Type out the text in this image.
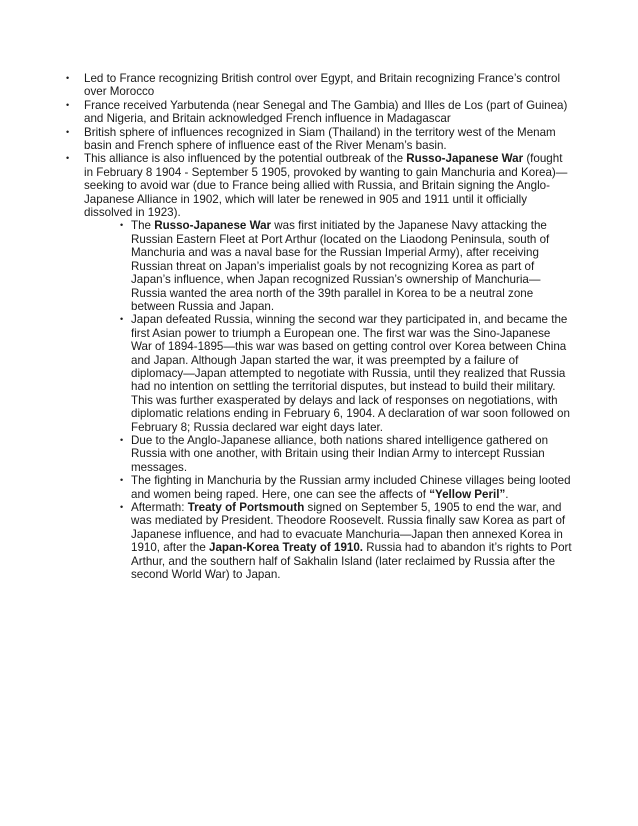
• Led to France recognizing British control over Egypt, and Britain recognizing France’s control over Morocco
• France received Yarbutenda (near Senegal and The Gambia) and Illes de Los (part of Guinea) and Nigeria, and Britain acknowledged French influence in Madagascar
• British sphere of influences recognized in Siam (Thailand) in the territory west of the Menam basin and French sphere of influence east of the River Menam’s basin.
• This alliance is also influenced by the potential outbreak of the Russo-Japanese War (fought in February 8 1904 - September 5 1905, provoked by wanting to gain Manchuria and Korea)—seeking to avoid war (due to France being allied with Russia, and Britain signing the Anglo-Japanese Alliance in 1902, which will later be renewed in 905 and 1911 until it officially dissolved in 1923).
• The Russo-Japanese War was first initiated by the Japanese Navy attacking the Russian Eastern Fleet at Port Arthur (located on the Liaodong Peninsula, south of Manchuria and was a naval base for the Russian Imperial Army), after receiving Russian threat on Japan’s imperialist goals by not recognizing Korea as part of Japan’s influence, when Japan recognized Russian’s ownership of Manchuria—Russia wanted the area north of the 39th parallel in Korea to be a neutral zone between Russia and Japan.
• Japan defeated Russia, winning the second war they participated in, and became the first Asian power to triumph a European one. The first war was the Sino-Japanese War of 1894-1895—this war was based on getting control over Korea between China and Japan. Although Japan started the war, it was preempted by a failure of diplomacy—Japan attempted to negotiate with Russia, until they realized that Russia had no intention on settling the territorial disputes, but instead to build their military. This was further exasperated by delays and lack of responses on negotiations, with diplomatic relations ending in February 6, 1904. A declaration of war soon followed on February 8; Russia declared war eight days later.
• Due to the Anglo-Japanese alliance, both nations shared intelligence gathered on Russia with one another, with Britain using their Indian Army to intercept Russian messages.
• The fighting in Manchuria by the Russian army included Chinese villages being looted and women being raped. Here, one can see the affects of “Yellow Peril”.
• Aftermath: Treaty of Portsmouth signed on September 5, 1905 to end the war, and was mediated by President. Theodore Roosevelt. Russia finally saw Korea as part of Japanese influence, and had to evacuate Manchuria—Japan then annexed Korea in 1910, after the Japan-Korea Treaty of 1910. Russia had to abandon it’s rights to Port Arthur, and the southern half of Sakhalin Island (later reclaimed by Russia after the second World War) to Japan.
